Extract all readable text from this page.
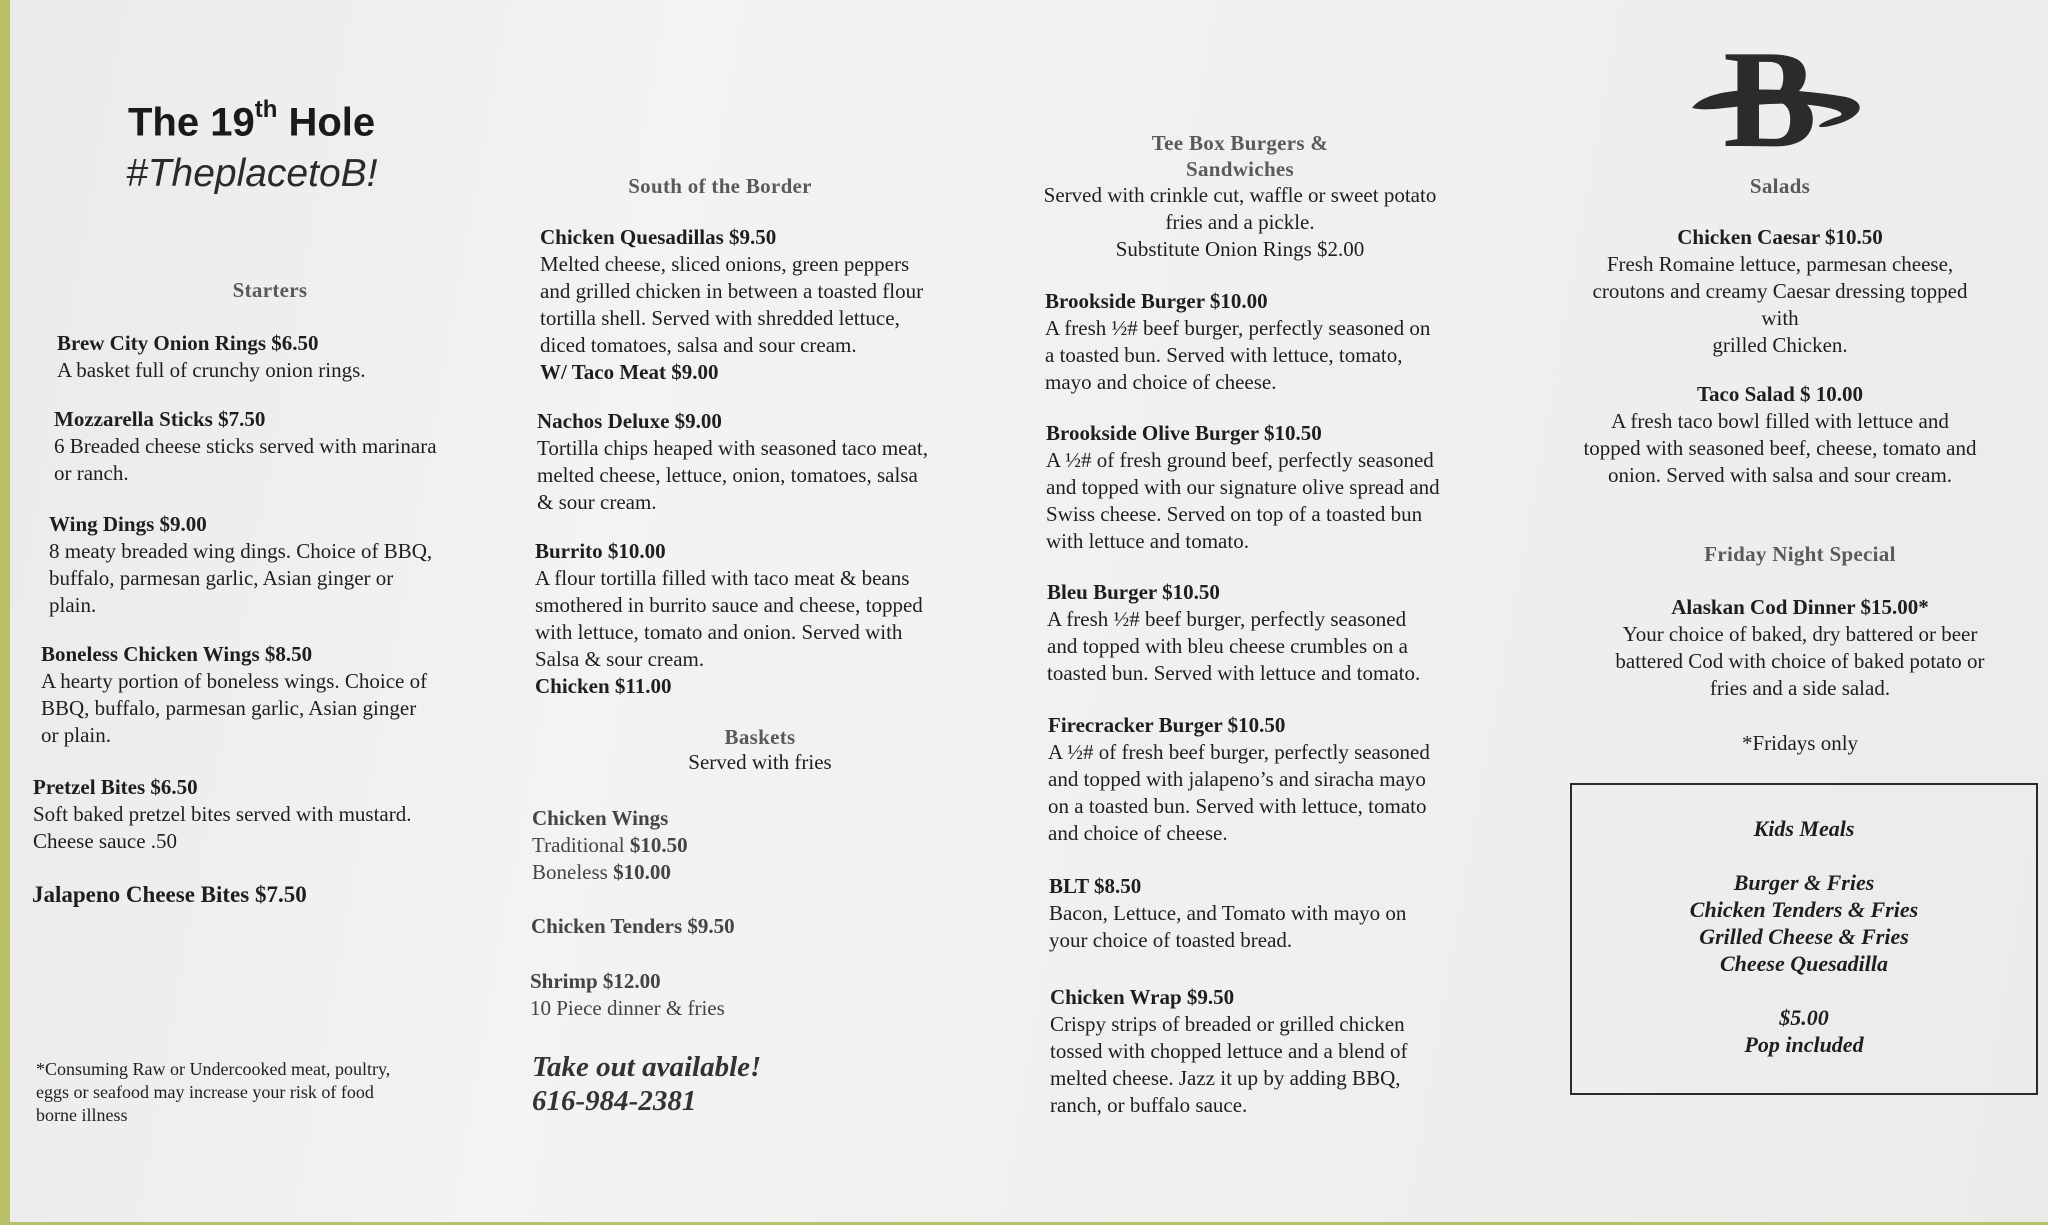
The 19th Hole
#TheplacetoB!
Starters
Brew City Onion Rings $6.50
A basket full of crunchy onion rings.
Mozzarella Sticks $7.50
6 Breaded cheese sticks served with marinara
or ranch.
Wing Dings $9.00
8 meaty breaded wing dings. Choice of BBQ,
buffalo, parmesan garlic, Asian ginger or
plain.
Boneless Chicken Wings $8.50
A hearty portion of boneless wings. Choice of
BBQ, buffalo, parmesan garlic, Asian ginger
or plain.
Pretzel Bites $6.50
Soft baked pretzel bites served with mustard.
Cheese sauce .50
Jalapeno Cheese Bites $7.50
*Consuming Raw or Undercooked meat, poultry,
eggs or seafood may increase your risk of food
borne illness
South of the Border
Chicken Quesadillas $9.50
Melted cheese, sliced onions, green peppers
and grilled chicken in between a toasted flour
tortilla shell. Served with shredded lettuce,
diced tomatoes, salsa and sour cream.
W/ Taco Meat $9.00
Nachos Deluxe $9.00
Tortilla chips heaped with seasoned taco meat,
melted cheese, lettuce, onion, tomatoes, salsa
& sour cream.
Burrito $10.00
A flour tortilla filled with taco meat & beans
smothered in burrito sauce and cheese, topped
with lettuce, tomato and onion. Served with
Salsa & sour cream.
Chicken $11.00
Baskets
Served with fries
Chicken Wings
Traditional $10.50
Boneless $10.00
Chicken Tenders $9.50
Shrimp $12.00
10 Piece dinner & fries
Take out available!
616-984-2381
Tee Box Burgers &
Sandwiches
Served with crinkle cut, waffle or sweet potato
fries and a pickle.
Substitute Onion Rings $2.00
Brookside Burger $10.00
A fresh ½# beef burger, perfectly seasoned on
a toasted bun. Served with lettuce, tomato,
mayo and choice of cheese.
Brookside Olive Burger $10.50
A ½# of fresh ground beef, perfectly seasoned
and topped with our signature olive spread and
Swiss cheese. Served on top of a toasted bun
with lettuce and tomato.
Bleu Burger $10.50
A fresh ½# beef burger, perfectly seasoned
and topped with bleu cheese crumbles on a
toasted bun. Served with lettuce and tomato.
Firecracker Burger $10.50
A ½# of fresh beef burger, perfectly seasoned
and topped with jalapeno’s and siracha mayo
on a toasted bun. Served with lettuce, tomato
and choice of cheese.
BLT $8.50
Bacon, Lettuce, and Tomato with mayo on
your choice of toasted bread.
Chicken Wrap $9.50
Crispy strips of breaded or grilled chicken
tossed with chopped lettuce and a blend of
melted cheese. Jazz it up by adding BBQ,
ranch, or buffalo sauce.
B
Salads
Chicken Caesar $10.50
Fresh Romaine lettuce, parmesan cheese,
croutons and creamy Caesar dressing topped
with
grilled Chicken.
Taco Salad $ 10.00
A fresh taco bowl filled with lettuce and
topped with seasoned beef, cheese, tomato and
onion. Served with salsa and sour cream.
Friday Night Special
Alaskan Cod Dinner $15.00*
Your choice of baked, dry battered or beer
battered Cod with choice of baked potato or
fries and a side salad.
*Fridays only
Kids Meals
Burger & Fries
Chicken Tenders & Fries
Grilled Cheese & Fries
Cheese Quesadilla
$5.00
Pop included
